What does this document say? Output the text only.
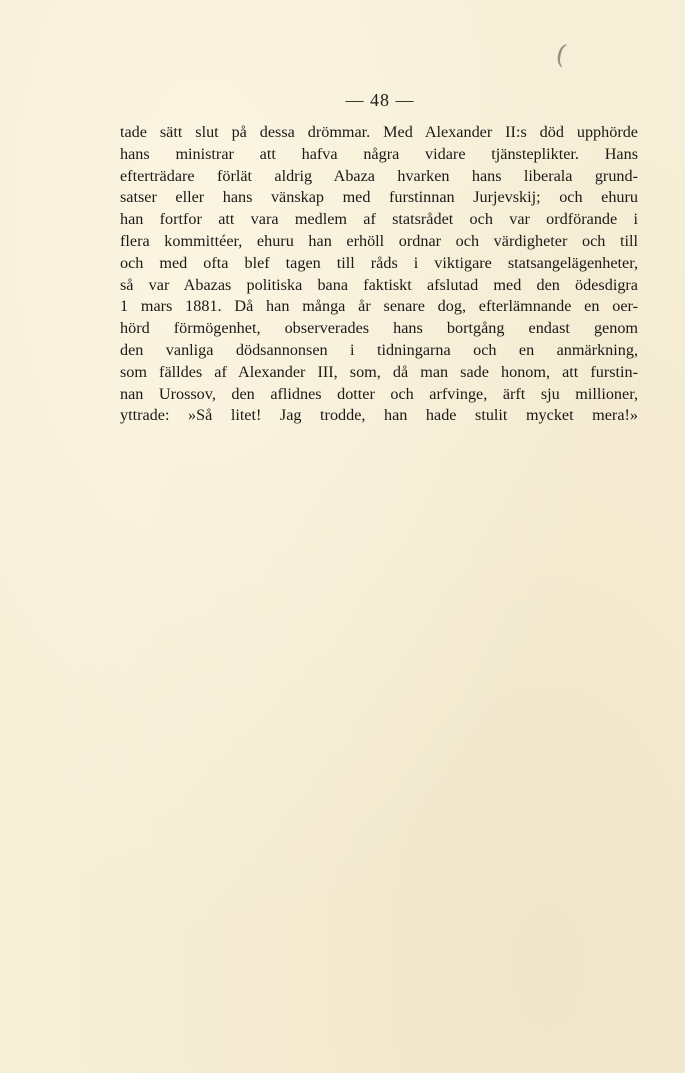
(
— 48 —
tade sätt slut på dessa drömmar. Med Alexander II:s död upphörde
hans ministrar att hafva några vidare tjänsteplikter. Hans
efterträdare förlät aldrig Abaza hvarken hans liberala grund-
satser eller hans vänskap med furstinnan Jurjevskij; och ehuru
han fortfor att vara medlem af statsrådet och var ordförande i
flera kommittéer, ehuru han erhöll ordnar och värdigheter och till
och med ofta blef tagen till råds i viktigare statsangelägenheter,
så var Abazas politiska bana faktiskt afslutad med den ödesdigra
1 mars 1881. Då han många år senare dog, efterlämnande en oer-
hörd förmögenhet, observerades hans bortgång endast genom
den vanliga dödsannonsen i tidningarna och en anmärkning,
som fälldes af Alexander III, som, då man sade honom, att furstin-
nan Urossov, den aflidnes dotter och arfvinge, ärft sju millioner,
yttrade: »Så litet! Jag trodde, han hade stulit mycket mera!»
